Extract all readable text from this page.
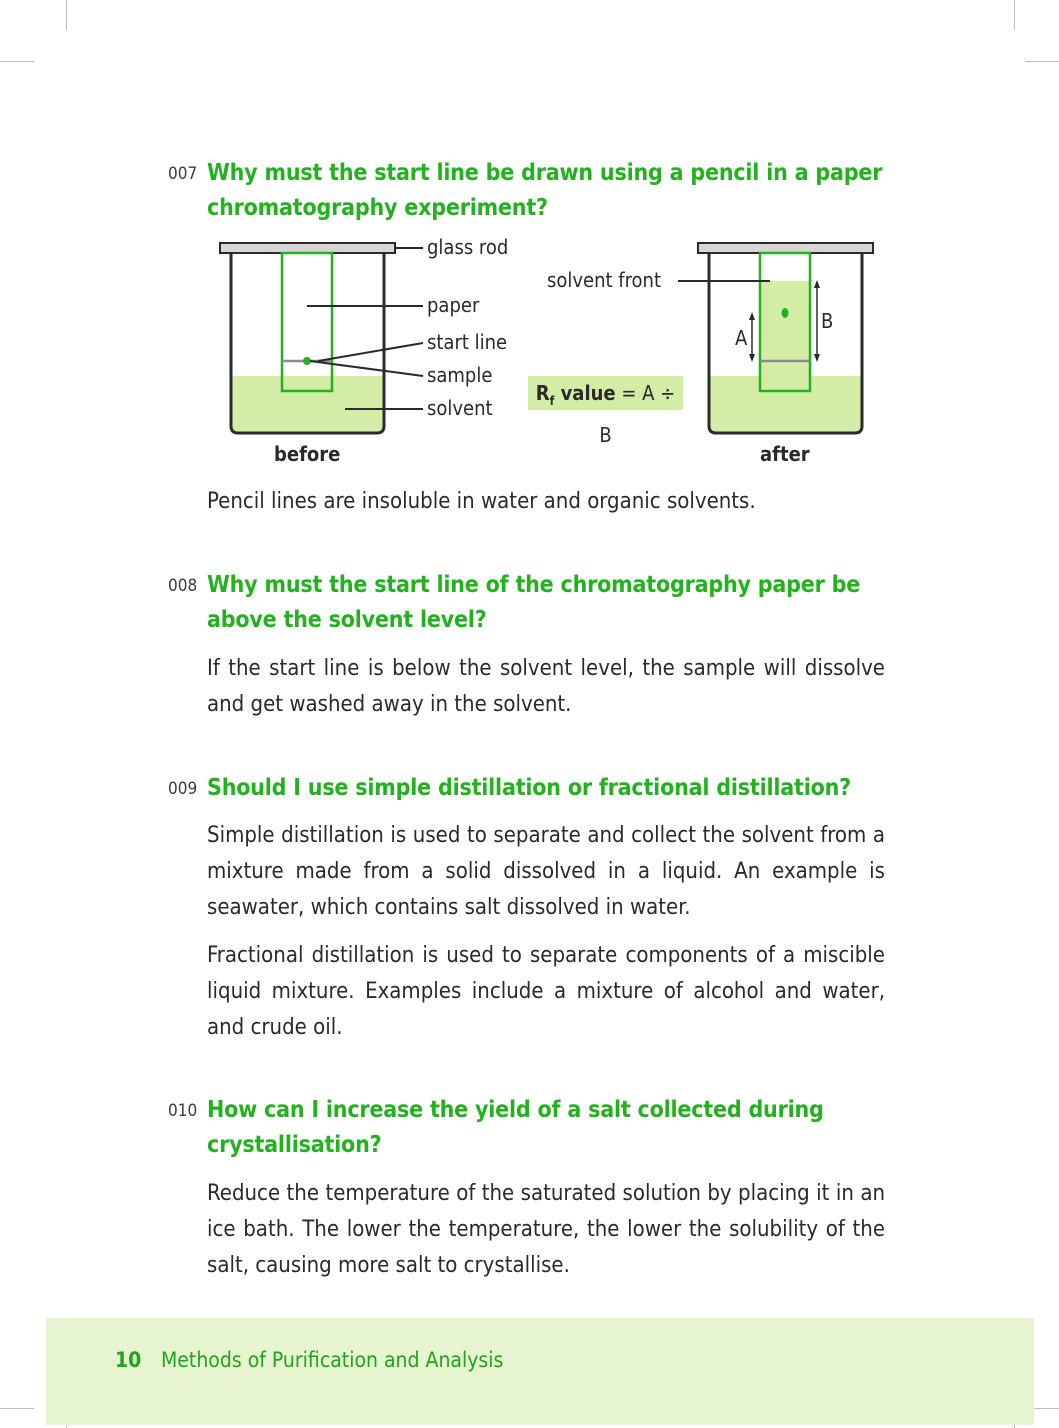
007 Why must the start line be drawn using a pencil in a paper chromatography experiment?
Pencil lines are insoluble in water and organic solvents.
glass rod
paper
start line
sample
solvent
solvent front
A
B
before	after
$R_f$ value = A ÷ B
008 Why must the start line of the chromatography paper be above the solvent level?
If the start line is below the solvent level, the sample will dissolve and get washed away in the solvent.
009 Should I use simple distillation or fractional distillation?
Simple distillation is used to separate and collect the solvent from a mixture made from a solid dissolved in a liquid. An example is seawater, which contains salt dissolved in water.
Fractional distillation is used to separate components of a miscible liquid mixture. Examples include a mixture of alcohol and water, and crude oil.
010 How can I increase the yield of a salt collected during crystallisation?
Reduce the temperature of the saturated solution by placing it in an ice bath. The lower the temperature, the lower the solubility of the salt, causing more salt to crystallise.
10 Methods of Purification and Analysis
